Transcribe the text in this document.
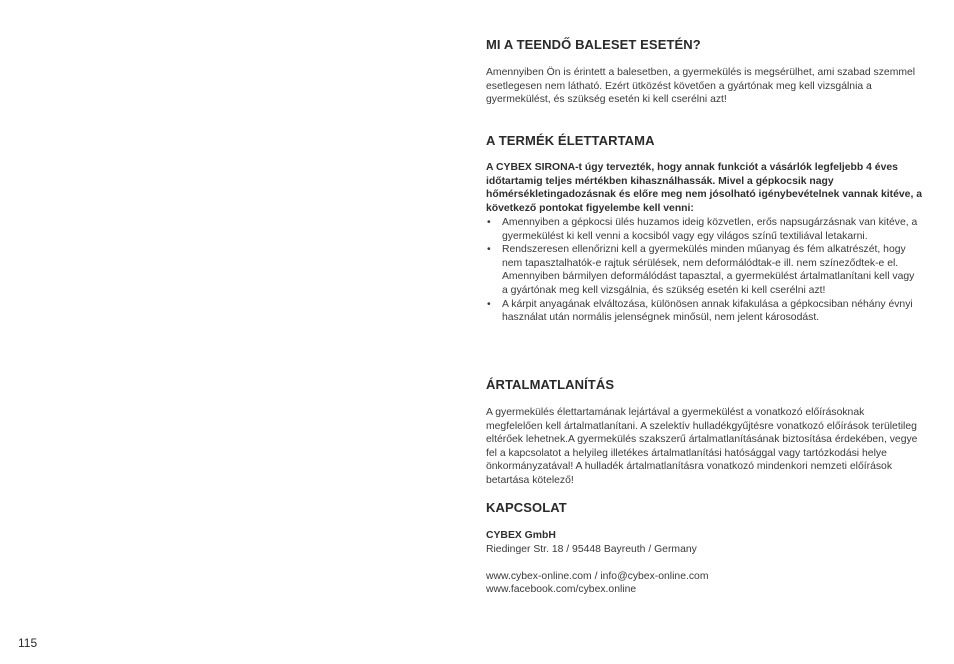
MI A TEENDŐ BALESET ESETÉN?

Amennyiben Ön is érintett a balesetben, a gyermekülés is megsérülhet, ami szabad szemmel esetlegesen nem látható. Ezért ütközést követően a gyártónak meg kell vizsgálnia a gyermekülést, és szükség esetén ki kell cserélni azt!

A TERMÉK ÉLETTARTAMA

A CYBEX SIRONA-t úgy tervezték, hogy annak funkciót a vásárlók legfeljebb 4 éves időtartamig teljes mértékben kihasználhassák. Mivel a gépkocsik nagy hőmérsékletingadozásnak és előre meg nem jósolható igénybevételnek vannak kitéve, a következő pontokat figyelembe kell venni:

• Amennyiben a gépkocsi ülés huzamos ideig közvetlen, erős napsugárzásnak van kitéve, a gyermekülést ki kell venni a kocsiból vagy egy világos színű textiliával letakarni.
• Rendszeresen ellenőrizni kell a gyermekülés minden műanyag és fém alkatrészét, hogy nem tapasztalhatók-e rajtuk sérülések, nem deformálódtak-e ill. nem színeződtek-e el. Amennyiben bármilyen deformálódást tapasztal, a gyermekülést ártalmatlanítani kell vagy a gyártónak meg kell vizsgálnia, és szükség esetén ki kell cserélni azt!
• A kárpit anyagának elváltozása, különösen annak kifakulása a gépkocsiban néhány évnyi használat után normális jelenségnek minősül, nem jelent károsodást.
ÁRTALMATLANÍTÁS

A gyermekülés élettartamának lejártával a gyermekülést a vonatkozó előírásoknak megfelelően kell ártalmatlanítani. A szelektív hulladékgyűjtésre vonatkozó előírások területileg eltérőek lehetnek.A gyermekülés szakszerű ártalmatlanításának biztosítása érdekében, vegye fel a kapcsolatot a helyileg illetékes ártalmatlanítási hatósággal vagy tartózkodási helye önkormányzatával! A hulladék ártalmatlanításra vonatkozó mindenkori nemzeti előírások betartása kötelező!

KAPCSOLAT
CYBEX GmbH
Riedinger Str. 18 / 95448 Bayreuth / Germany
www.cybex-online.com / info@cybex-online.com
www.facebook.com/cybex.online
115
